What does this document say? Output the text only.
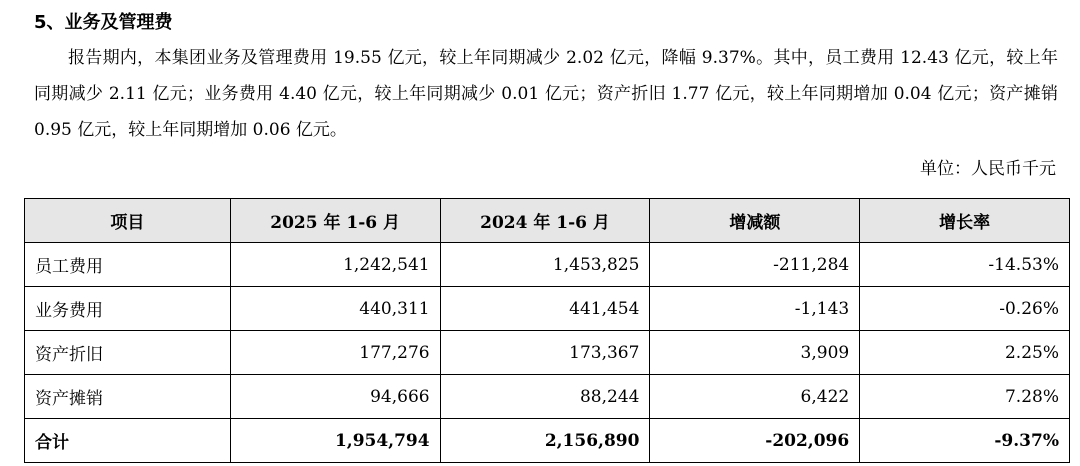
5、业务及管理费
报告期内，本集团业务及管理费用 19.55 亿元，较上年同期减少 2.02 亿元，降幅 9.37%。其中，员工费用 12.43 亿元，较上年同期减少 2.11 亿元；业务费用 4.40 亿元，较上年同期减少 0.01 亿元；资产折旧 1.77 亿元，较上年同期增加 0.04 亿元；资产摊销 0.95 亿元，较上年同期增加 0.06 亿元。
单位：人民币千元
项目	2025 年 1-6 月	2024 年 1-6 月	增减额	增长率
员工费用	1,242,541	1,453,825	-211,284	-14.53%
业务费用	440,311	441,454	-1,143	-0.26%
资产折旧	177,276	173,367	3,909	2.25%
资产摊销	94,666	88,244	6,422	7.28%
合计	1,954,794	2,156,890	-202,096	-9.37%
